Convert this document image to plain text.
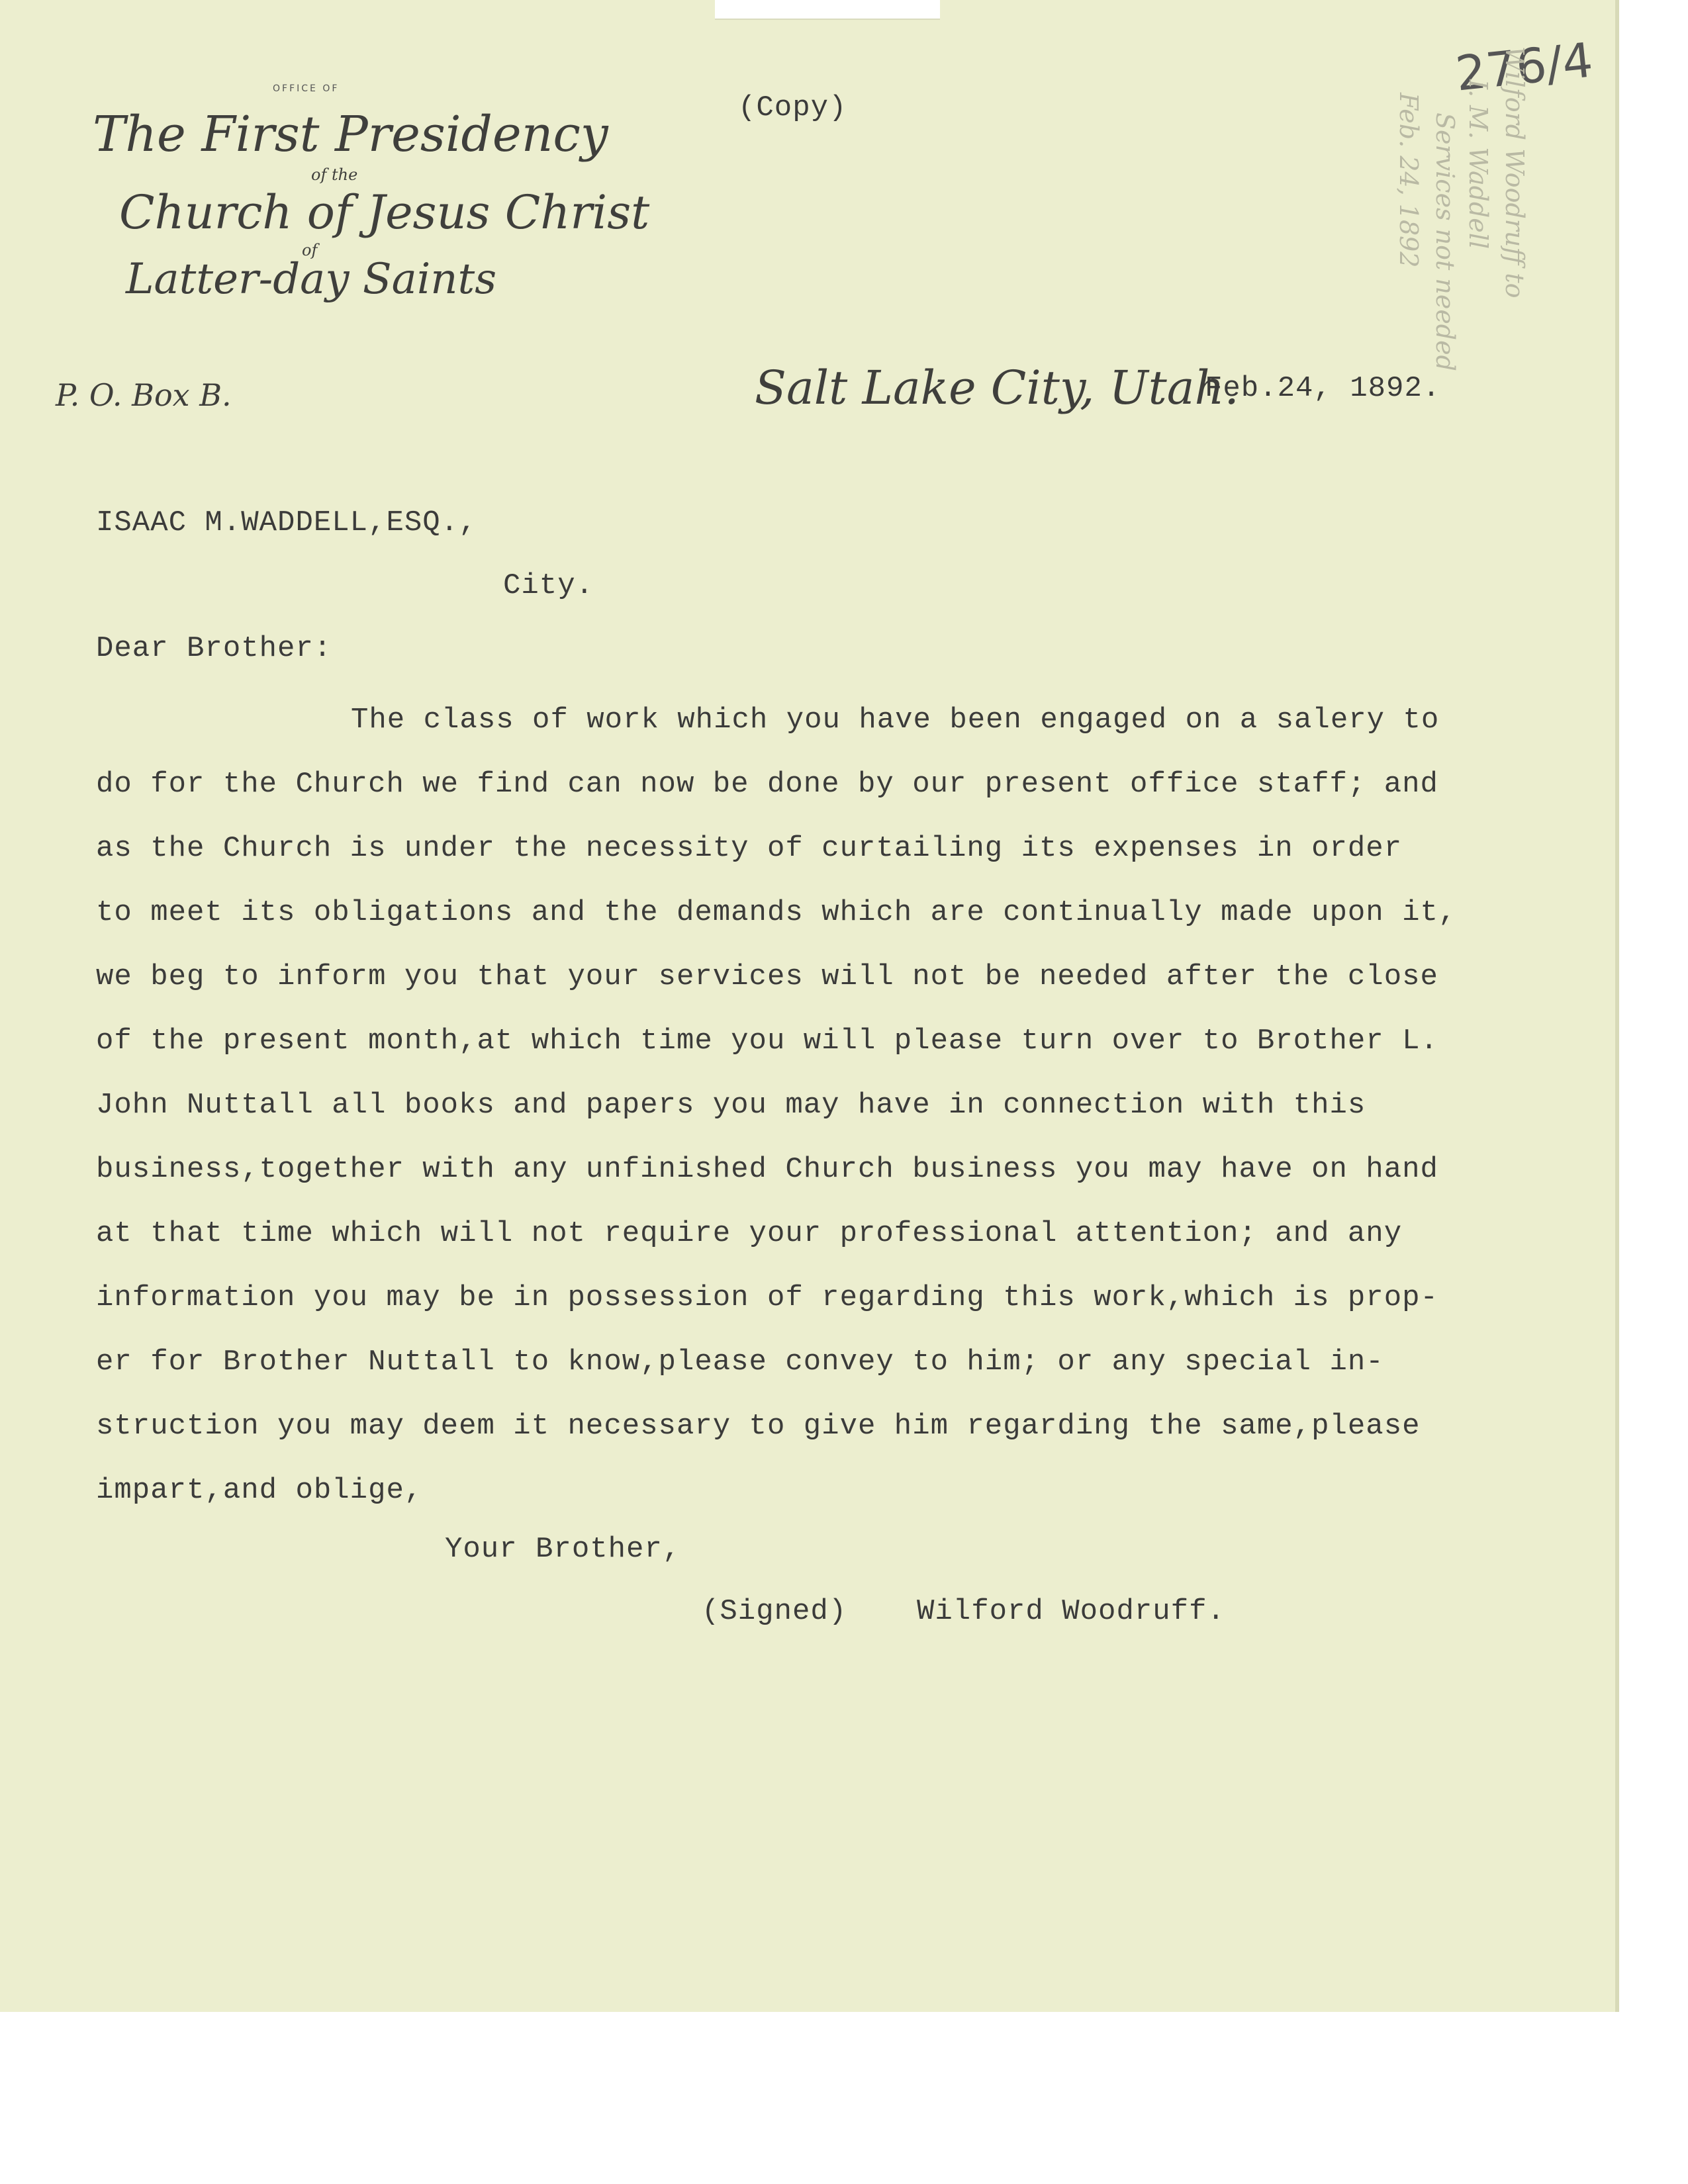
OFFICE OF
The First Presidency
of the
Church of Jesus Christ
of
Latter-day Saints
P. O. Box B.	Salt Lake City, Utah.
276/4
Wilford Woodruff to
I. M. Waddell
Services not needed
Feb. 24, 1892
(Copy)
Feb.24, 1892.
ISAAC M.WADDELL,ESQ.,
City.
Dear Brother:
The class of work which you have been engaged on a salery to
do for the Church we find can now be done by our present office staff; and
as the Church is under the necessity of curtailing its expenses in order
to meet its obligations and the demands which are continually made upon it,
we beg to inform you that your services will not be needed after the close
of the present month,at which time you will please turn over to Brother L.
John Nuttall all books and papers you may have in connection with this
business,together with any unfinished Church business you may have on hand
at that time which will not require your professional attention; and any
information you may be in possession of regarding this work,which is prop-
er for Brother Nuttall to know,please convey to him; or any special in-
struction you may deem it necessary to give him regarding the same,please
impart,and oblige,
Your Brother,
(Signed) Wilford Woodruff.
